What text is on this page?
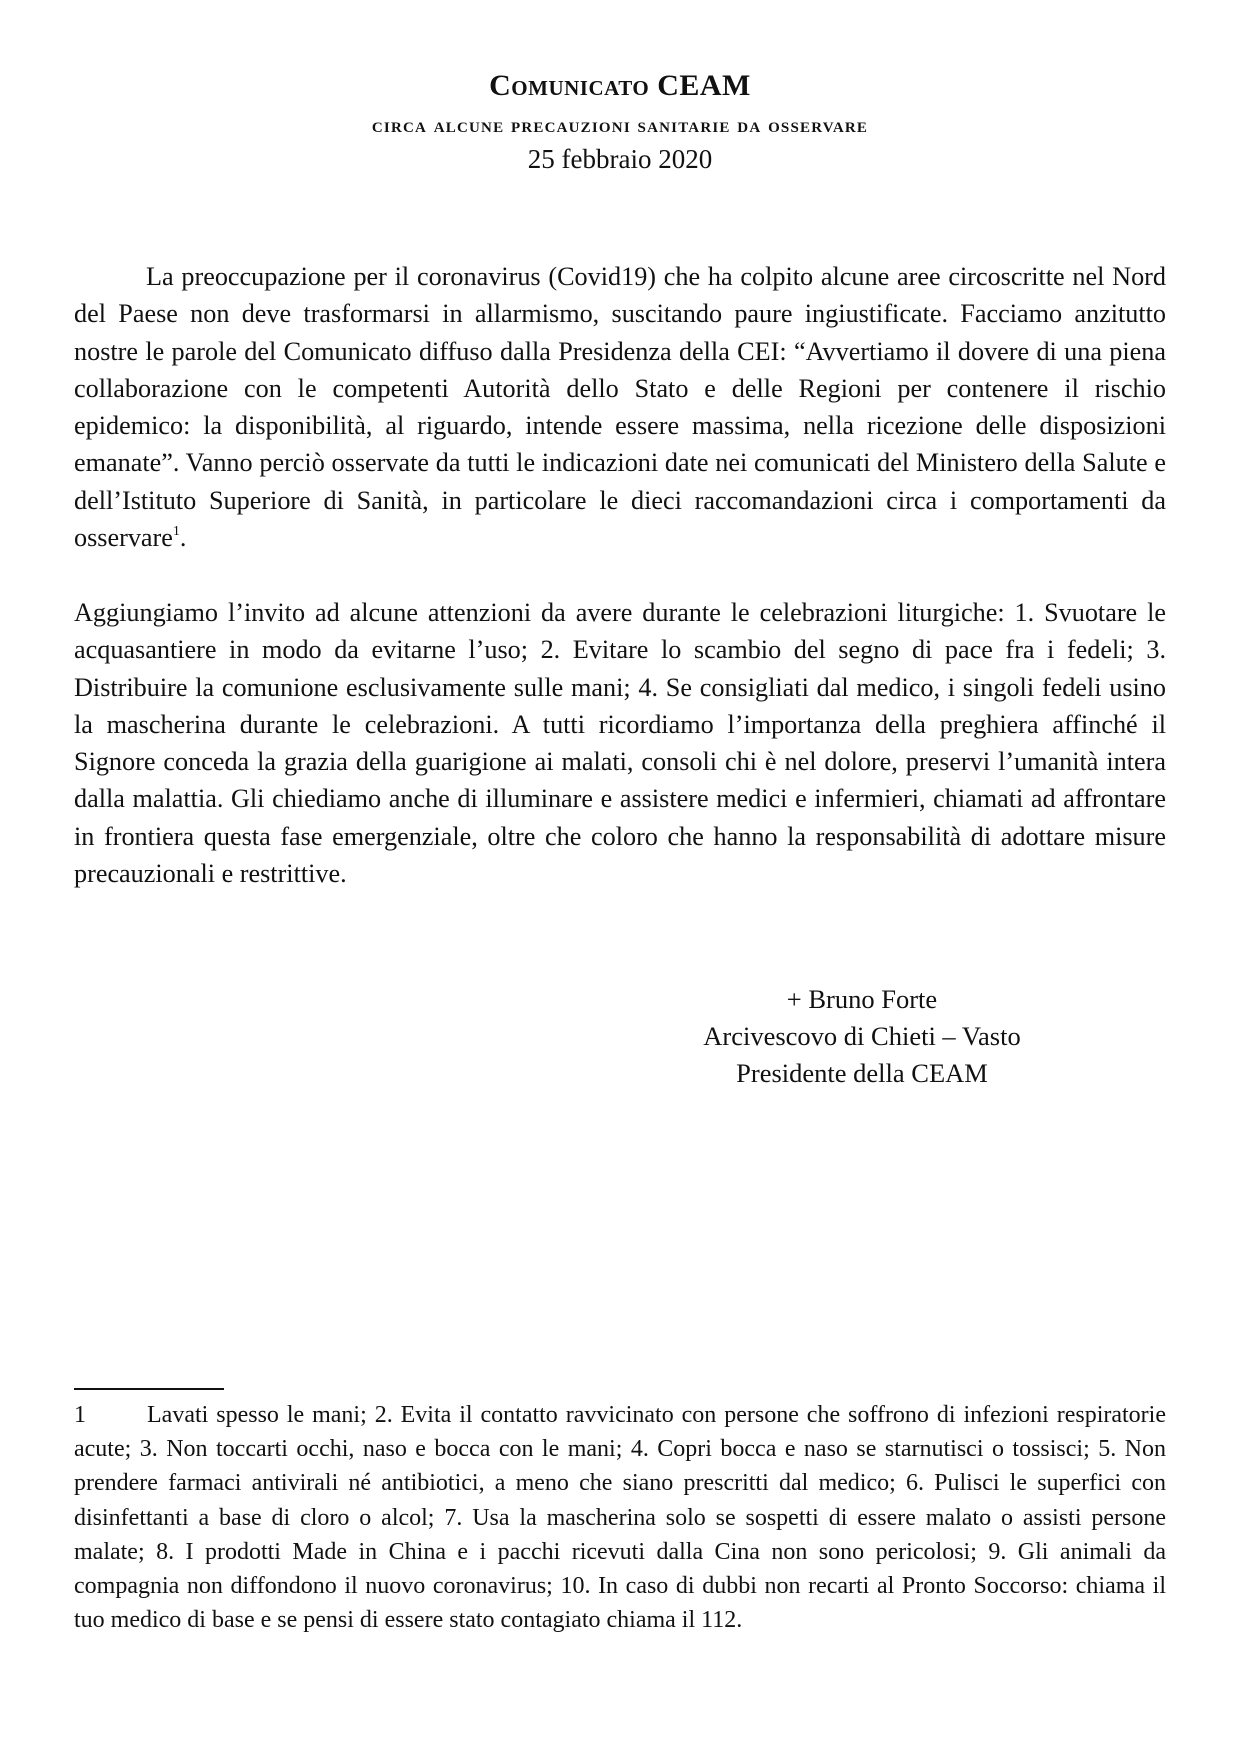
Comunicato CEAM
circa alcune precauzioni sanitarie da osservare
25 febbraio 2020
La preoccupazione per il coronavirus (Covid19) che ha colpito alcune aree circoscritte nel Nord del Paese non deve trasformarsi in allarmismo, suscitando paure ingiustificate. Facciamo anzitutto nostre le parole del Comunicato diffuso dalla Presidenza della CEI: “Avvertiamo il dovere di una piena collaborazione con le competenti Autorità dello Stato e delle Regioni per contenere il rischio epidemico: la disponibilità, al riguardo, intende essere massima, nella ricezione delle disposizioni emanate”. Vanno perciò osservate da tutti le indicazioni date nei comunicati del Ministero della Salute e dell’Istituto Superiore di Sanità, in particolare le dieci raccomandazioni circa i comportamenti da osservare$^1$.
Aggiungiamo l’invito ad alcune attenzioni da avere durante le celebrazioni liturgiche: 1. Svuotare le acquasantiere in modo da evitarne l’uso; 2. Evitare lo scambio del segno di pace fra i fedeli; 3. Distribuire la comunione esclusivamente sulle mani; 4. Se consigliati dal medico, i singoli fedeli usino la mascherina durante le celebrazioni. A tutti ricordiamo l’importanza della preghiera affinché il Signore conceda la grazia della guarigione ai malati, consoli chi è nel dolore, preservi l’umanità intera dalla malattia. Gli chiediamo anche di illuminare e assistere medici e infermieri, chiamati ad affrontare in frontiera questa fase emergenziale, oltre che coloro che hanno la responsabilità di adottare misure precauzionali e restrittive.
+ Bruno Forte
Arcivescovo di Chieti – Vasto
Presidente della CEAM
1	Lavati spesso le mani; 2. Evita il contatto ravvicinato con persone che soffrono di infezioni respiratorie acute; 3. Non toccarti occhi, naso e bocca con le mani; 4. Copri bocca e naso se starnutisci o tossisci; 5. Non prendere farmaci antivirali né antibiotici, a meno che siano prescritti dal medico; 6. Pulisci le superfici con disinfettanti a base di cloro o alcol; 7. Usa la mascherina solo se sospetti di essere malato o assisti persone malate; 8. I prodotti Made in China e i pacchi ricevuti dalla Cina non sono pericolosi; 9. Gli animali da compagnia non diffondono il nuovo coronavirus; 10. In caso di dubbi non recarti al Pronto Soccorso: chiama il tuo medico di base e se pensi di essere stato contagiato chiama il 112.
